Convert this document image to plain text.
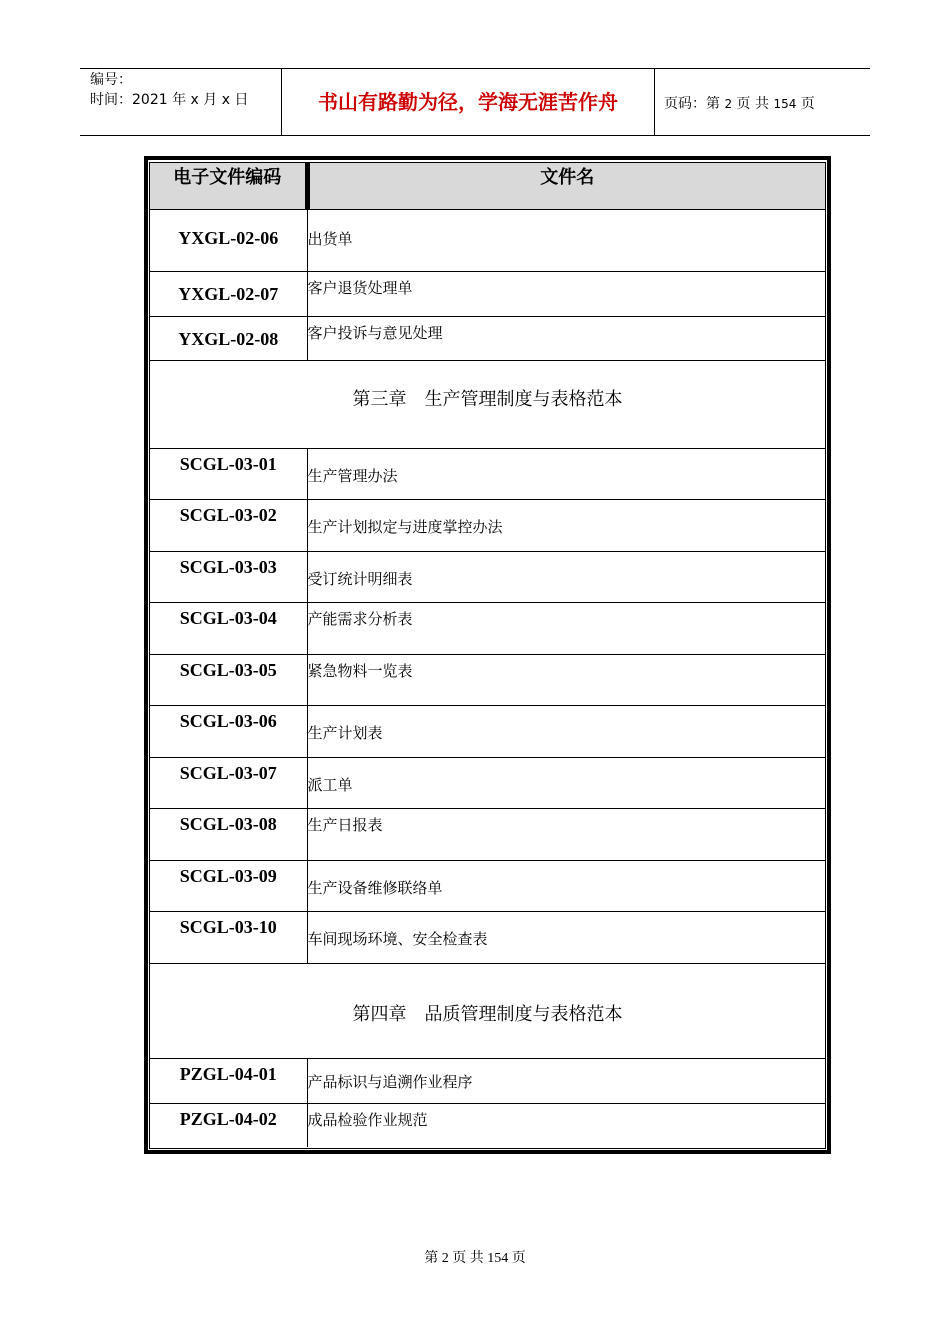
编号：
时间：2021 年 x 月 x 日	书山有路勤为径，学海无涯苦作舟	页码：第 2 页 共 154 页
电子文件编码	文件名
YXGL-02-06	出货单
YXGL-02-07	客户退货处理单
YXGL-02-08	客户投诉与意见处理
第三章　生产管理制度与表格范本	
SCGL-03-01	生产管理办法
SCGL-03-02	生产计划拟定与进度掌控办法
SCGL-03-03	受订统计明细表
SCGL-03-04	产能需求分析表
SCGL-03-05	紧急物料一览表
SCGL-03-06	生产计划表
SCGL-03-07	派工单
SCGL-03-08	生产日报表
SCGL-03-09	生产设备维修联络单
SCGL-03-10	车间现场环境、安全检查表
第四章　品质管理制度与表格范本	
PZGL-04-01	产品标识与追溯作业程序
PZGL-04-02	成品检验作业规范
第 2 页 共 154 页
